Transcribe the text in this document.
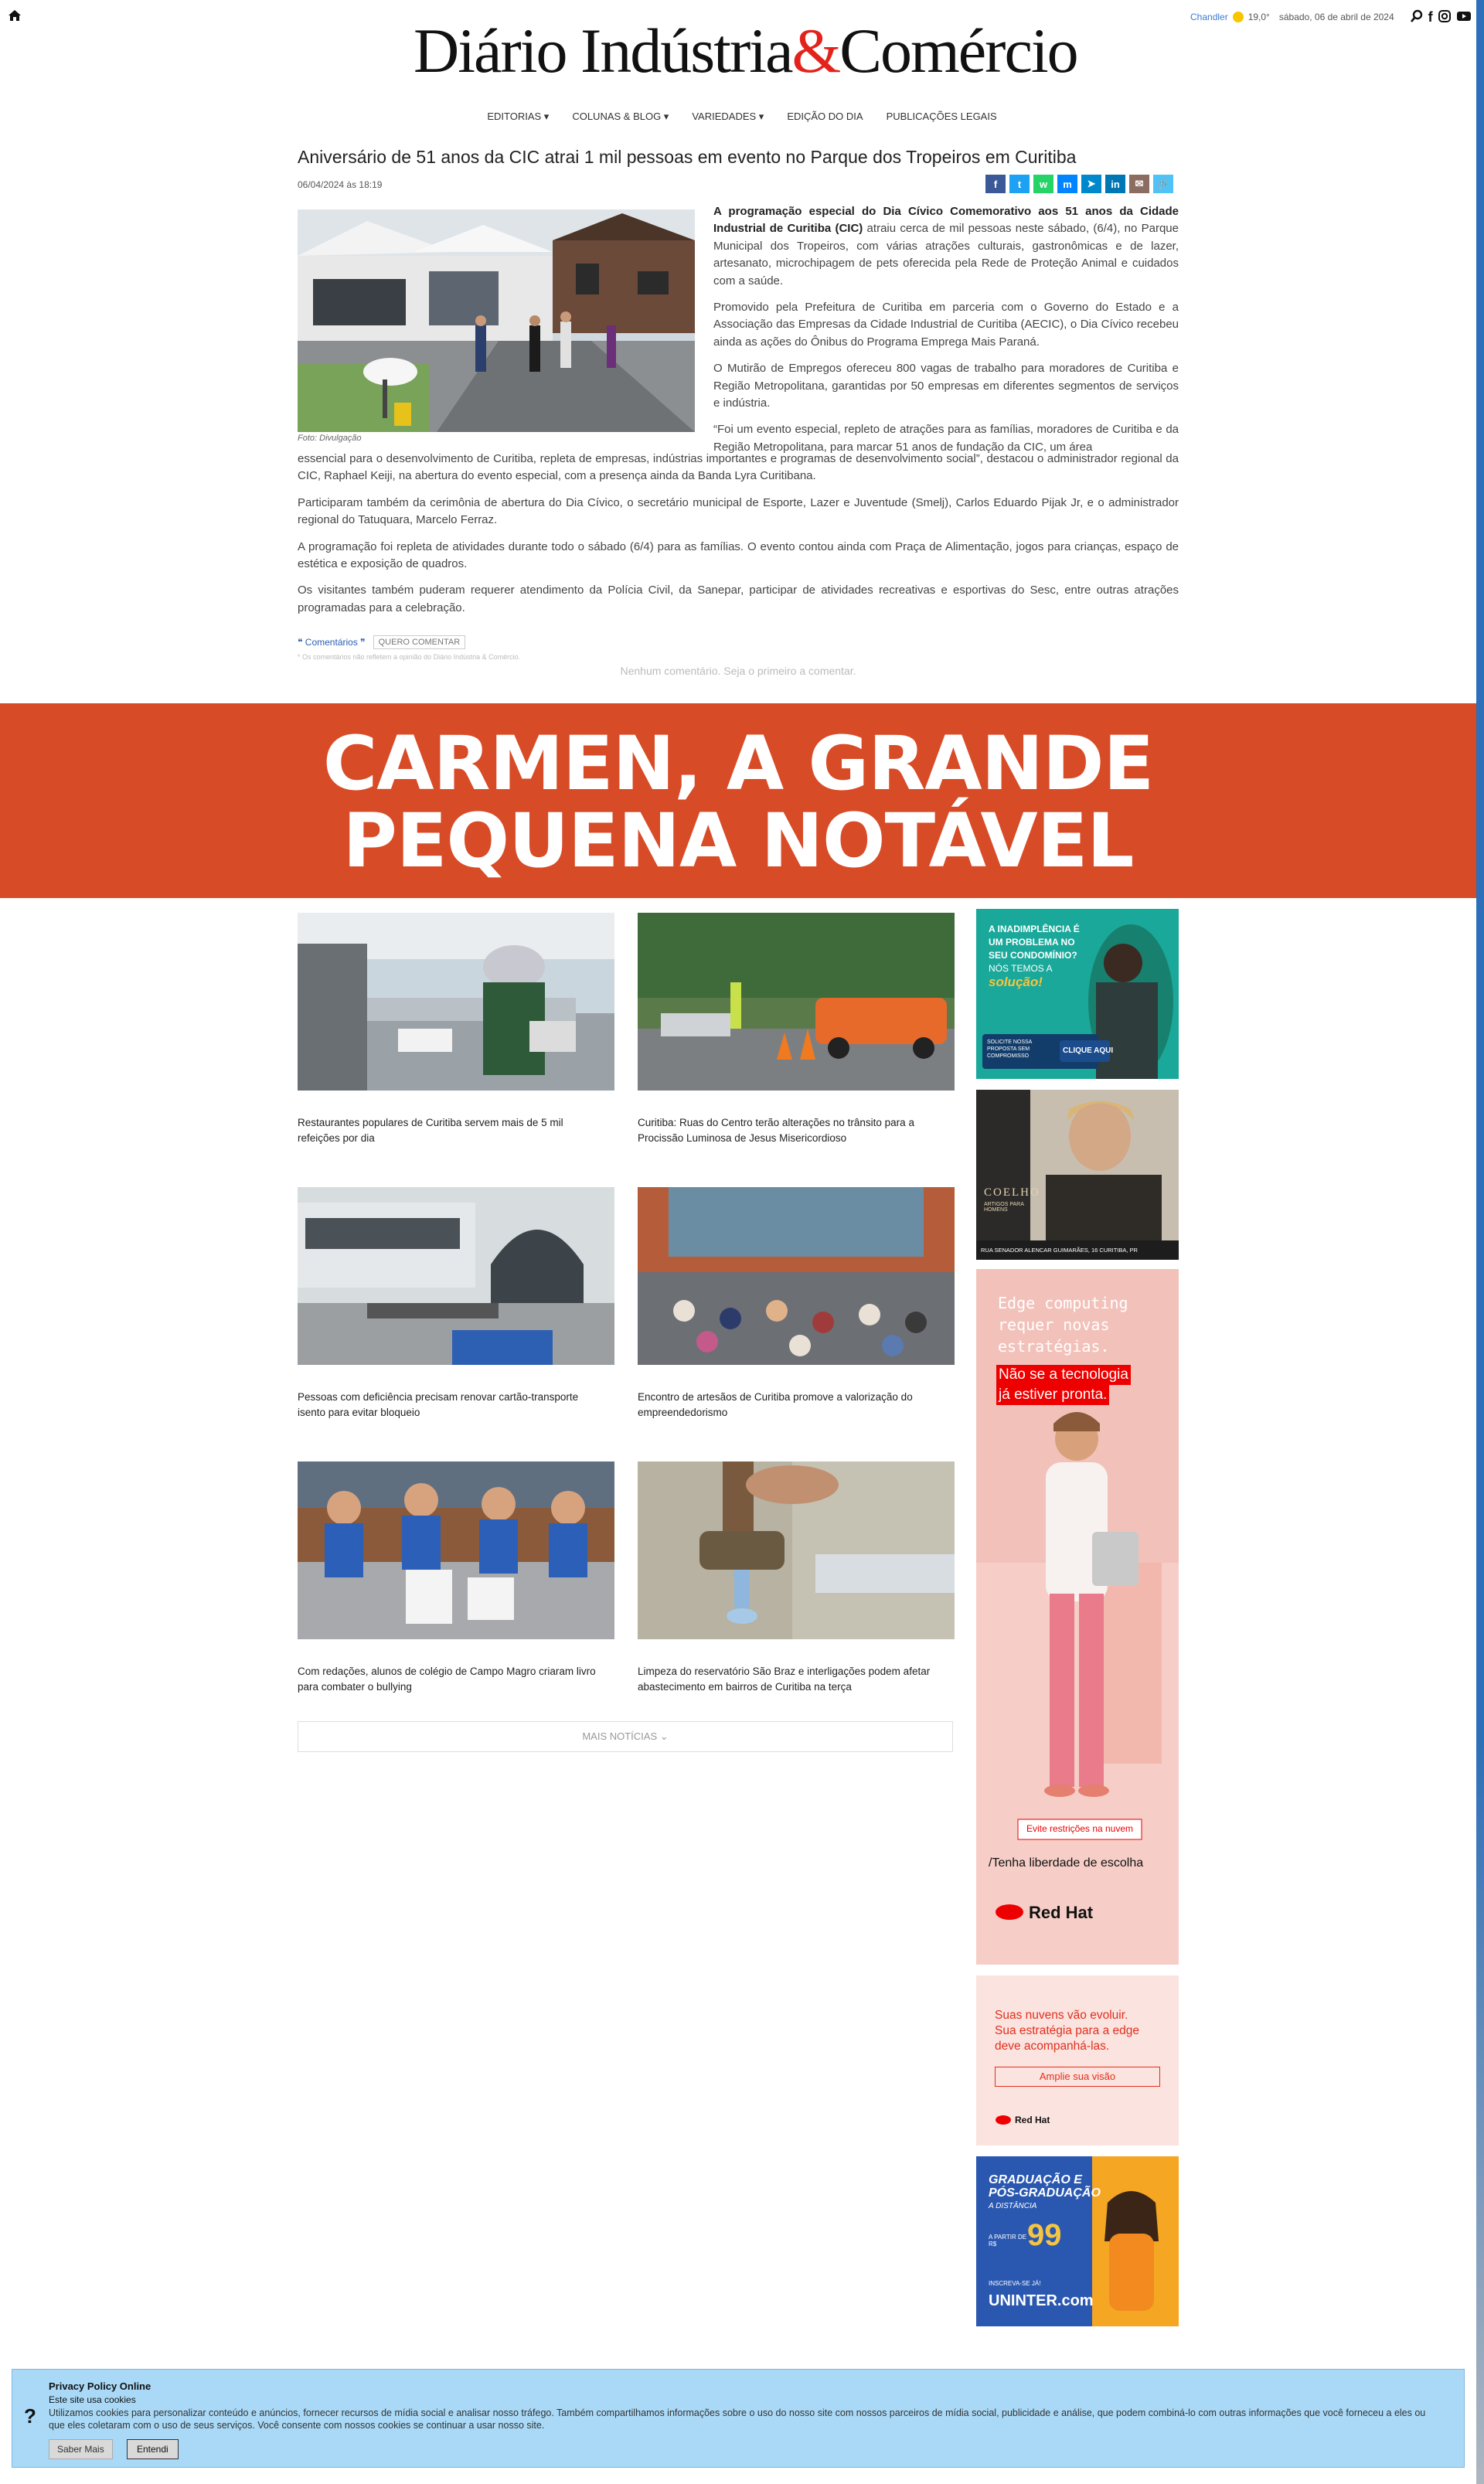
Diário Indústria&Comércio	Chandler 19,0° sábado, 06 de abril de 2024 f
EDITORIAS ▾ COLUNAS & BLOG ▾ VARIEDADES ▾ EDIÇÃO DO DIA PUBLICAÇÕES LEGAIS
Aniversário de 51 anos da CIC atrai 1 mil pessoas em evento no Parque dos Tropeiros em Curitiba
06/04/2024 às 18:19	f	t	w	m	➤	in	✉	🔗
Foto: Divulgação

A programação especial do Dia Cívico Comemorativo aos 51 anos da Cidade Industrial de Curitiba (CIC) atraiu cerca de mil pessoas neste sábado, (6/4), no Parque Municipal dos Tropeiros, com várias atrações culturais, gastronômicas e de lazer, artesanato, microchipagem de pets oferecida pela Rede de Proteção Animal e cuidados com a saúde.

Promovido pela Prefeitura de Curitiba em parceria com o Governo do Estado e a Associação das Empresas da Cidade Industrial de Curitiba (AECIC), o Dia Cívico recebeu ainda as ações do Ônibus do Programa Emprega Mais Paraná.

O Mutirão de Empregos ofereceu 800 vagas de trabalho para moradores de Curitiba e Região Metropolitana, garantidas por 50 empresas em diferentes segmentos de serviços e indústria.

“Foi um evento especial, repleto de atrações para as famílias, moradores de Curitiba e da Região Metropolitana, para marcar 51 anos de fundação da CIC, um área

essencial para o desenvolvimento de Curitiba, repleta de empresas, indústrias importantes e programas de desenvolvimento social”, destacou o administrador regional da CIC, Raphael Keiji, na abertura do evento especial, com a presença ainda da Banda Lyra Curitibana.

Participaram também da cerimônia de abertura do Dia Cívico, o secretário municipal de Esporte, Lazer e Juventude (Smelj), Carlos Eduardo Pijak Jr, e o administrador regional do Tatuquara, Marcelo Ferraz.

A programação foi repleta de atividades durante todo o sábado (6/4) para as famílias. O evento contou ainda com Praça de Alimentação, jogos para crianças, espaço de estética e exposição de quadros.

Os visitantes também puderam requerer atendimento da Polícia Civil, da Sanepar, participar de atividades recreativas e esportivas do Sesc, entre outras atrações programadas para a celebração.

❝ Comentários ❞	QUERO COMENTAR
* Os comentários não refletem a opinião do Diário Indústria & Comércio.
Nenhum comentário. Seja o primeiro a comentar.
CARMEN, A GRANDE
PEQUENA NOTÁVEL
Restaurantes populares de Curitiba servem mais de 5 mil refeições por dia
Curitiba: Ruas do Centro terão alterações no trânsito para a Procissão Luminosa de Jesus Misericordioso
Pessoas com deficiência precisam renovar cartão-transporte isento para evitar bloqueio
Encontro de artesãos de Curitiba promove a valorização do empreendedorismo
Com redações, alunos de colégio de Campo Magro criaram livro para combater o bullying
Limpeza do reservatório São Braz e interligações podem afetar abastecimento em bairros de Curitiba na terça
MAIS NOTÍCIAS ⌄
A INADIMPLÊNCIA É
UM PROBLEMA NO
SEU CONDOMÍNIO?
NÓS TEMOS A
solução!
SOLICITE NOSSA PROPOSTA SEM COMPROMISSO
CLIQUE AQUI
COELHO
ARTIGOS PARA HOMENS
RUA SENADOR ALENCAR GUIMARÃES, 16 CURITIBA, PR
Edge computing
requer novas
estratégias.
Não se a tecnologia
já estiver pronta.
Evite restrições na nuvem
/Tenha liberdade de escolha
Red Hat
Suas nuvens vão evoluir.
Sua estratégia para a edge
deve acompanhá-las.
Amplie sua visão
Red Hat
GRADUAÇÃO E
PÓS-GRADUAÇÃO
A DISTÂNCIA
A PARTIR DE R$ 99
INSCREVA-SE JÁ!
UNINTER.com
?
Privacy Policy Online
Este site usa cookies
Utilizamos cookies para personalizar conteúdo e anúncios, fornecer recursos de mídia social e analisar nosso tráfego. Também compartilhamos informações sobre o uso do nosso site com nossos parceiros de mídia social, publicidade e análise, que podem combiná-lo com outras informações que você forneceu a eles ou que eles coletaram com o uso de seus serviços. Você consente com nossos cookies se continuar a usar nosso site.
Saber Mais	Entendi
